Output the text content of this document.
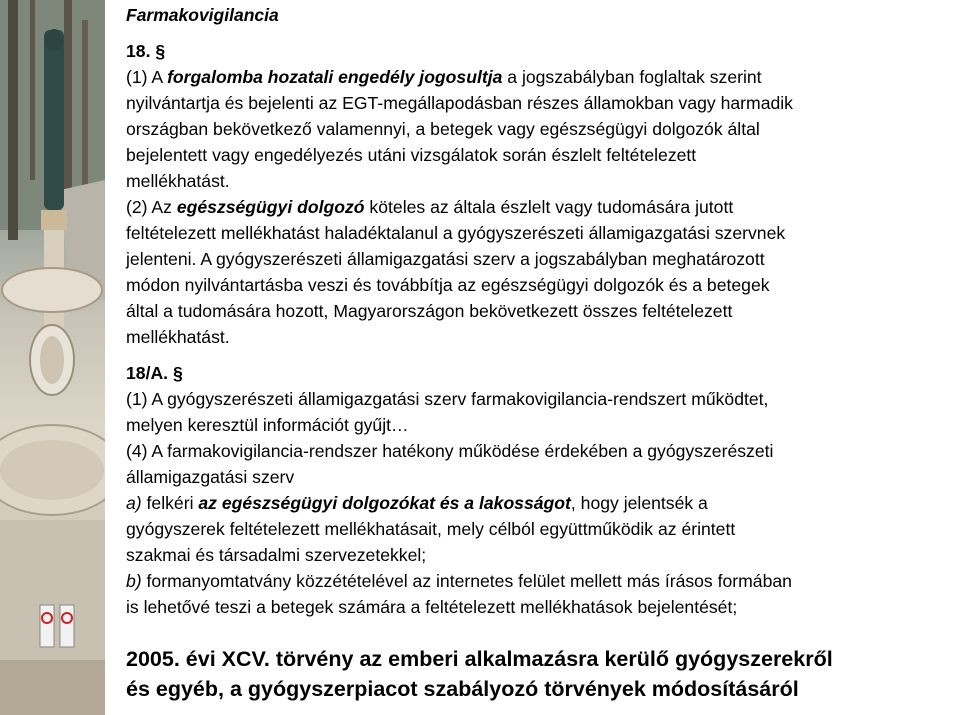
Farmakovigilancia
18. §
(1) A forgalomba hozatali engedély jogosultja a jogszabályban foglaltak szerint
nyilvántartja és bejelenti az EGT-megállapodásban részes államokban vagy harmadik
országban bekövetkező valamennyi, a betegek vagy egészségügyi dolgozók által
bejelentett vagy engedélyezés utáni vizsgálatok során észlelt feltételezett
mellékhatást.
(2) Az egészségügyi dolgozó köteles az általa észlelt vagy tudomására jutott
feltételezett mellékhatást haladéktalanul a gyógyszerészeti államigazgatási szervnek
jelenteni. A gyógyszerészeti államigazgatási szerv a jogszabályban meghatározott
módon nyilvántartásba veszi és továbbítja az egészségügyi dolgozók és a betegek
által a tudomására hozott, Magyarországon bekövetkezett összes feltételezett
mellékhatást.
18/A. §
(1) A gyógyszerészeti államigazgatási szerv farmakovigilancia-rendszert működtet,
melyen keresztül információt gyűjt…
(4) A farmakovigilancia-rendszer hatékony működése érdekében a gyógyszerészeti
államigazgatási szerv
a) felkéri az egészségügyi dolgozókat és a lakosságot, hogy jelentsék a
gyógyszerek feltételezett mellékhatásait, mely célból együttműködik az érintett
szakmai és társadalmi szervezetekkel;
b) formanyomtatvány közzétételével az internetes felület mellett más írásos formában
is lehetővé teszi a betegek számára a feltételezett mellékhatások bejelentését;
2005. évi XCV. törvény az emberi alkalmazásra kerülő gyógyszerekről
és egyéb, a gyógyszerpiacot szabályozó törvények módosításáról
